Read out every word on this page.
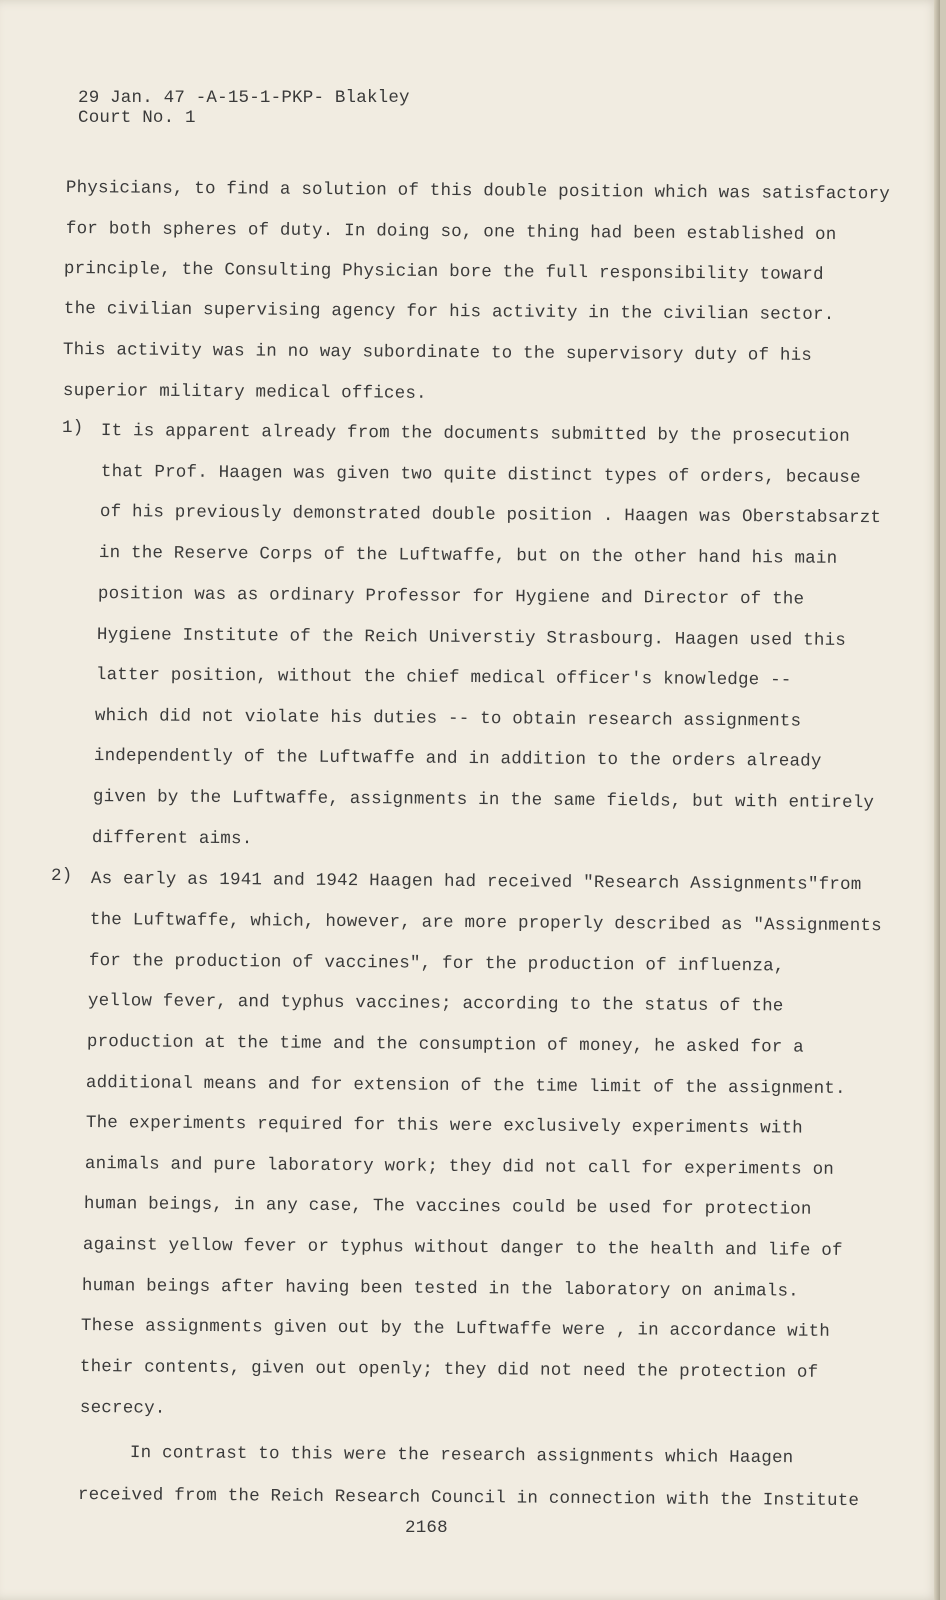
29 Jan. 47 -A-15-1-PKP- Blakley
Court No. 1
Physicians, to find a solution of this double position which was satisfactory
for both spheres of duty. In doing so, one thing had been established on
principle, the Consulting Physician bore the full responsibility toward
the civilian supervising agency for his activity in the civilian sector.
This activity was in no way subordinate to the supervisory duty of his
superior military medical offices.
1) It is apparent already from the documents submitted by the prosecution
that Prof. Haagen was given two quite distinct types of orders, because
of his previously demonstrated double position . Haagen was Oberstabsarzt
in the Reserve Corps of the Luftwaffe, but on the other hand his main
position was as ordinary Professor for Hygiene and Director of the
Hygiene Institute of the Reich Universtiy Strasbourg. Haagen used this
latter position, without the chief medical officer's knowledge --
which did not violate his duties -- to obtain research assignments
independently of the Luftwaffe and in addition to the orders already
given by the Luftwaffe, assignments in the same fields, but with entirely
different aims.
2) As early as 1941 and 1942 Haagen had received "Research Assignments"from
the Luftwaffe, which, however, are more properly described as "Assignments
for the production of vaccines", for the production of influenza,
yellow fever, and typhus vaccines; according to the status of the
production at the time and the consumption of money, he asked for a
additional means and for extension of the time limit of the assignment.
The experiments required for this were exclusively experiments with
animals and pure laboratory work; they did not call for experiments on
human beings, in any case, The vaccines could be used for protection
against yellow fever or typhus without danger to the health and life of
human beings after having been tested in the laboratory on animals.
These assignments given out by the Luftwaffe were , in accordance with
their contents, given out openly; they did not need the protection of
secrecy.
In contrast to this were the research assignments which Haagen
received from the Reich Research Council in connection with the Institute
2168
